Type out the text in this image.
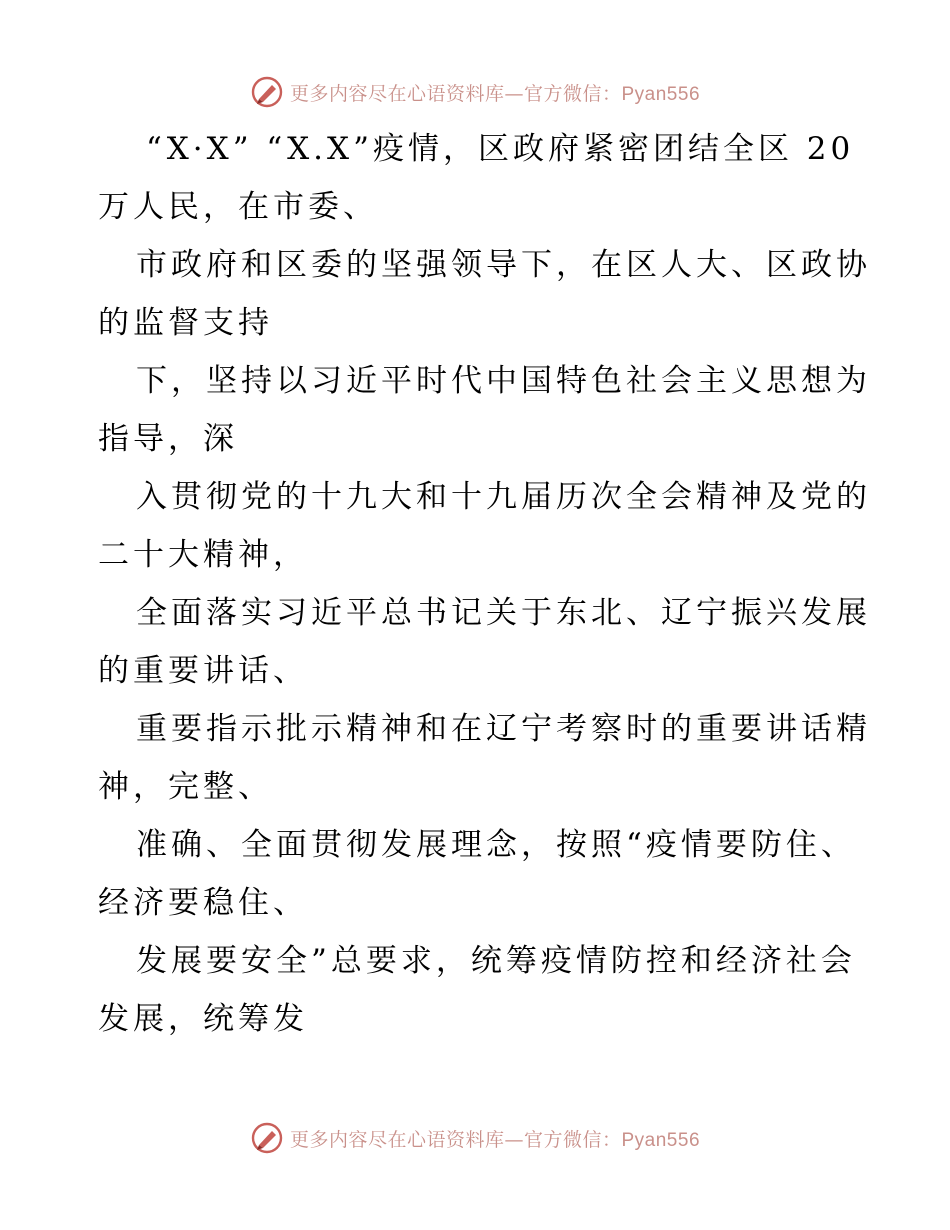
更多内容尽在心语资料库—官方微信：Pyan556
“X·X” “X.X”疫情，区政府紧密团结全区 20
万人民，在市委、
市政府和区委的坚强领导下，在区人大、区政协
的监督支持
下，坚持以习近平时代中国特色社会主义思想为
指导，深
入贯彻党的十九大和十九届历次全会精神及党的
二十大精神，
全面落实习近平总书记关于东北、辽宁振兴发展
的重要讲话、
重要指示批示精神和在辽宁考察时的重要讲话精
神，完整、
准确、全面贯彻发展理念，按照“疫情要防住、
经济要稳住、
发展要安全”总要求，统筹疫情防控和经济社会
发展，统筹发
更多内容尽在心语资料库—官方微信：Pyan556
